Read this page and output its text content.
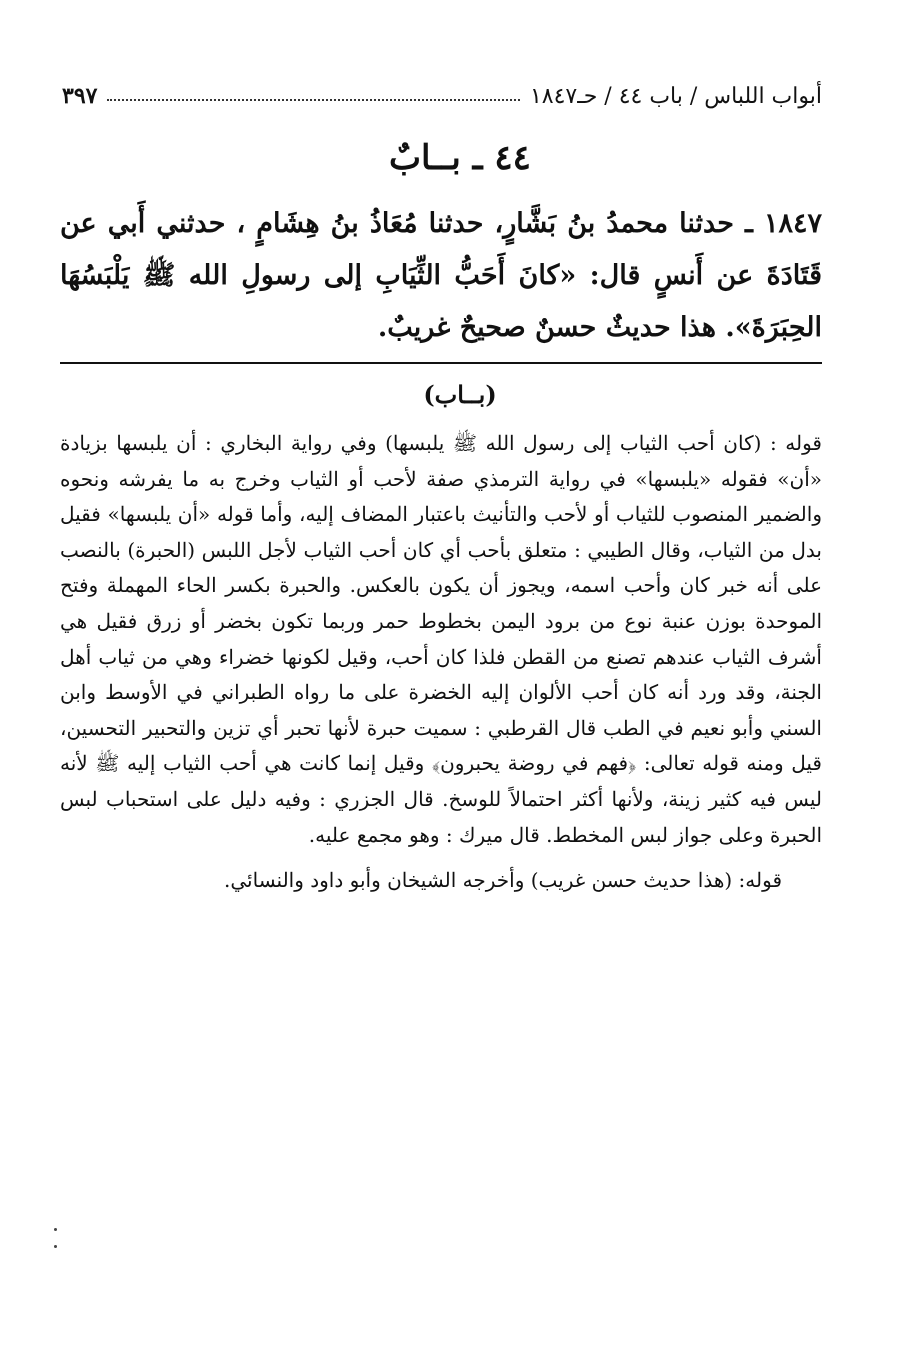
أبواب اللباس / باب ٤٤ / حـ١٨٤٧
٣٩٧
٤٤ ـ بــابٌ
١٨٤٧ ـ حدثنا محمدُ بنُ بَشَّارٍ، حدثنا مُعَاذُ بنُ هِشَامٍ ، حدثني أَبي عن قَتَادَةَ عن أَنسٍ قال: «كانَ أَحَبُّ الثِّيَابِ إلى رسولِ الله ﷺ يَلْبَسُهَا الحِبَرَةَ». هذا حديثٌ حسنٌ صحيحٌ غريبٌ.
(بــاب)

قوله : (كان أحب الثياب إلى رسول الله ﷺ يلبسها) وفي رواية البخاري : أن يلبسها بزيادة «أن» فقوله «يلبسها» في رواية الترمذي صفة لأحب أو الثياب وخرج به ما يفرشه ونحوه والضمير المنصوب للثياب أو لأحب والتأنيث باعتبار المضاف إليه، وأما قوله «أن يلبسها» فقيل بدل من الثياب، وقال الطيبي : متعلق بأحب أي كان أحب الثياب لأجل اللبس (الحبرة) بالنصب على أنه خبر كان وأحب اسمه، ويجوز أن يكون بالعكس. والحبرة بكسر الحاء المهملة وفتح الموحدة بوزن عنبة نوع من برود اليمن بخطوط حمر وربما تكون بخضر أو زرق فقيل هي أشرف الثياب عندهم تصنع من القطن فلذا كان أحب، وقيل لكونها خضراء وهي من ثياب أهل الجنة، وقد ورد أنه كان أحب الألوان إليه الخضرة على ما رواه الطبراني في الأوسط وابن السني وأبو نعيم في الطب قال القرطبي : سميت حبرة لأنها تحبر أي تزين والتحبير التحسين، قيل ومنه قوله تعالى: ﴿فهم في روضة يحبرون﴾ وقيل إنما كانت هي أحب الثياب إليه ﷺ لأنه ليس فيه كثير زينة، ولأنها أكثر احتمالاً للوسخ. قال الجزري : وفيه دليل على استحباب لبس الحبرة وعلى جواز لبس المخطط. قال ميرك : وهو مجمع عليه.

قوله: (هذا حديث حسن غريب) وأخرجه الشيخان وأبو داود والنسائي.
